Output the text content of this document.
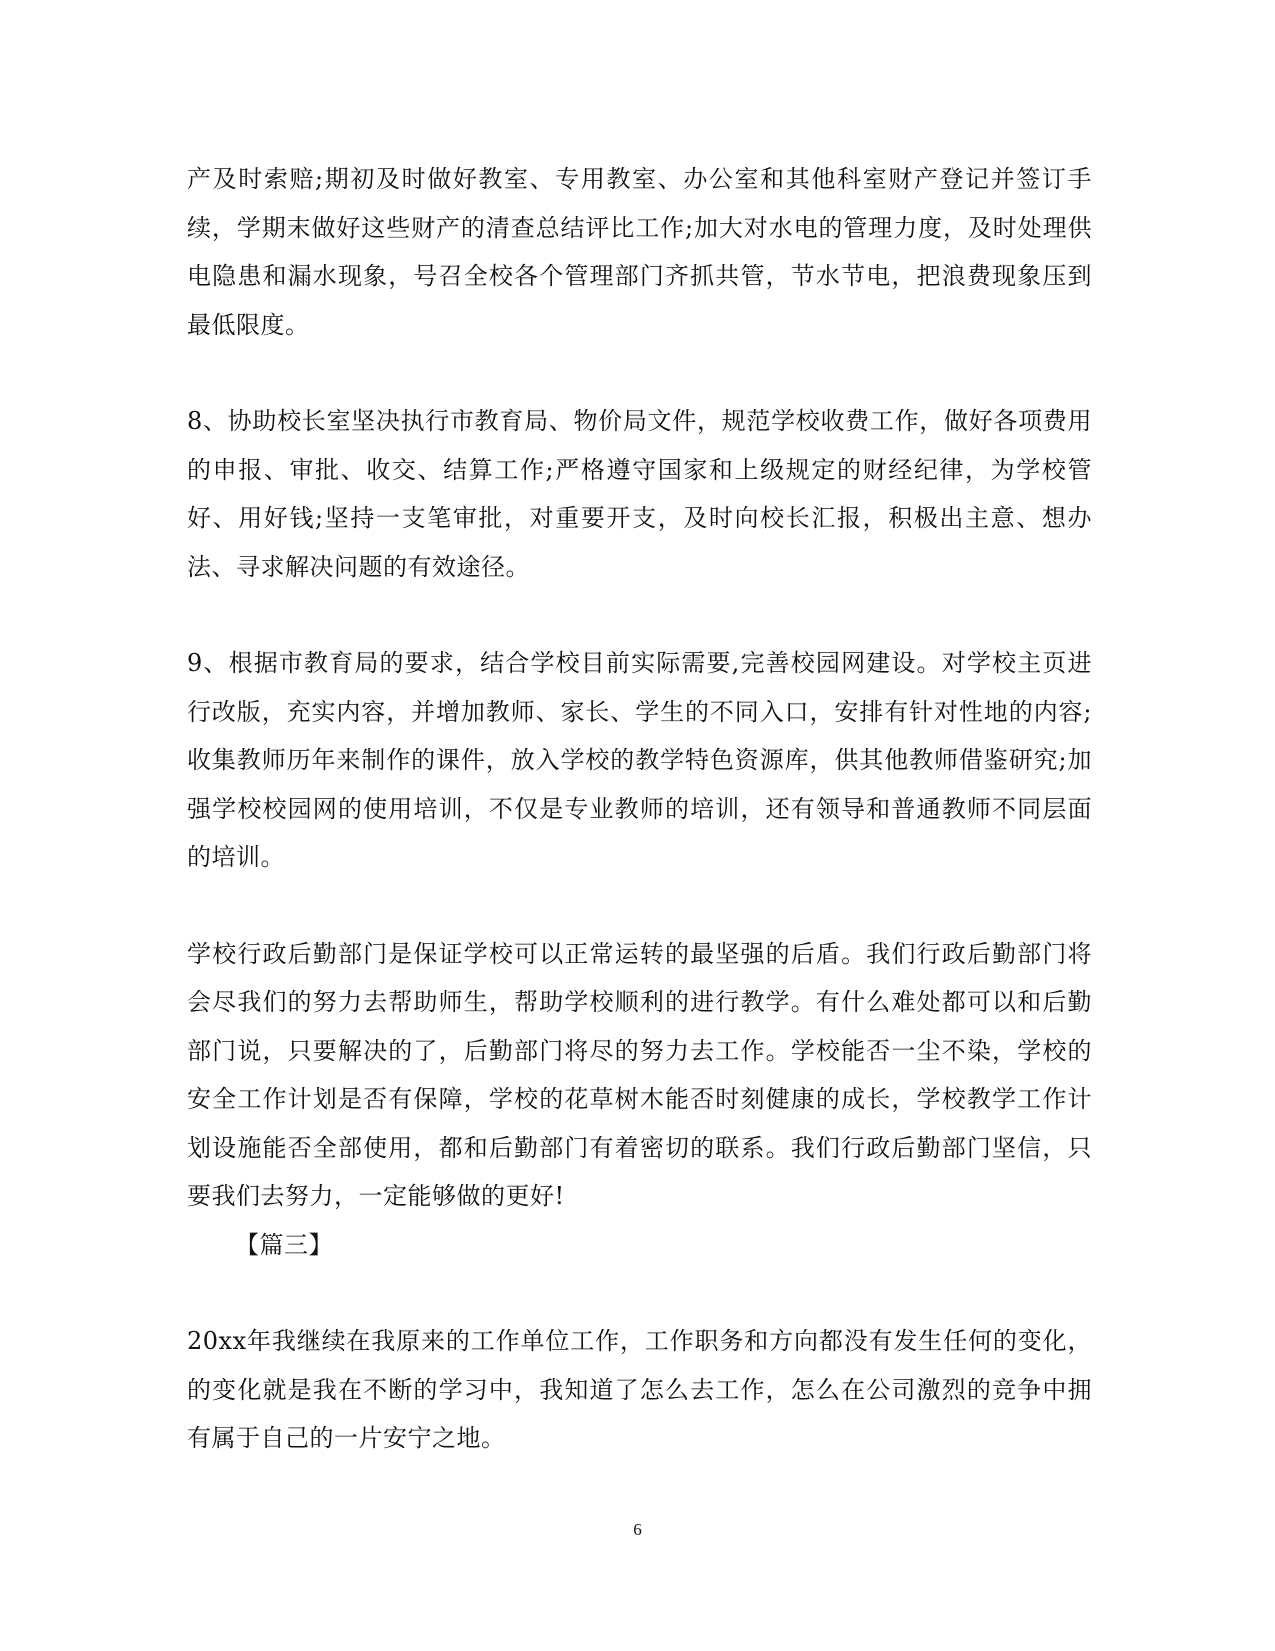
产及时索赔;期初及时做好教室、专用教室、办公室和其他科室财产登记并签订手续，学期末做好这些财产的清查总结评比工作;加大对水电的管理力度，及时处理供电隐患和漏水现象，号召全校各个管理部门齐抓共管，节水节电，把浪费现象压到最低限度。

8、协助校长室坚决执行市教育局、物价局文件，规范学校收费工作，做好各项费用的申报、审批、收交、结算工作;严格遵守国家和上级规定的财经纪律，为学校管好、用好钱;坚持一支笔审批，对重要开支，及时向校长汇报，积极出主意、想办法、寻求解决问题的有效途径。

9、根据市教育局的要求，结合学校目前实际需要,完善校园网建设。对学校主页进行改版，充实内容，并增加教师、家长、学生的不同入口，安排有针对性地的内容;收集教师历年来制作的课件，放入学校的教学特色资源库，供其他教师借鉴研究;加强学校校园网的使用培训，不仅是专业教师的培训，还有领导和普通教师不同层面的培训。

学校行政后勤部门是保证学校可以正常运转的最坚强的后盾。我们行政后勤部门将会尽我们的努力去帮助师生，帮助学校顺利的进行教学。有什么难处都可以和后勤部门说，只要解决的了，后勤部门将尽的努力去工作。学校能否一尘不染，学校的安全工作计划是否有保障，学校的花草树木能否时刻健康的成长，学校教学工作计划设施能否全部使用，都和后勤部门有着密切的联系。我们行政后勤部门坚信，只要我们去努力，一定能够做的更好!

【篇三】

20xx年我继续在我原来的工作单位工作，工作职务和方向都没有发生任何的变化，的变化就是我在不断的学习中，我知道了怎么去工作，怎么在公司激烈的竞争中拥有属于自己的一片安宁之地。

6
